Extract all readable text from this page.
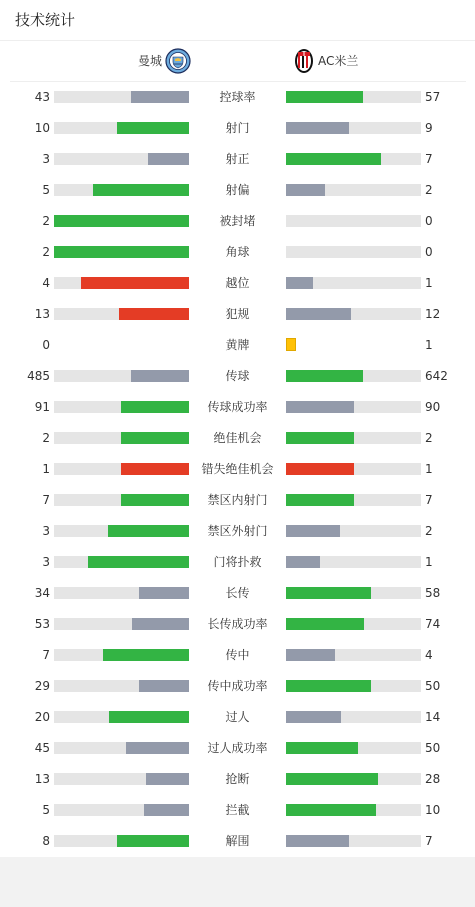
技术统计
曼城	AC米兰
43	控球率	57
10	射门	9
3	射正	7
5	射偏	2
2	被封堵	0
2	角球	0
4	越位	1
13	犯规	12
0	黄牌	1
485	传球	642
91	传球成功率	90
2	绝佳机会	2
1	错失绝佳机会	1
7	禁区内射门	7
3	禁区外射门	2
3	门将扑救	1
34	长传	58
53	长传成功率	74
7	传中	4
29	传中成功率	50
20	过人	14
45	过人成功率	50
13	抢断	28
5	拦截	10
8	解围	7
